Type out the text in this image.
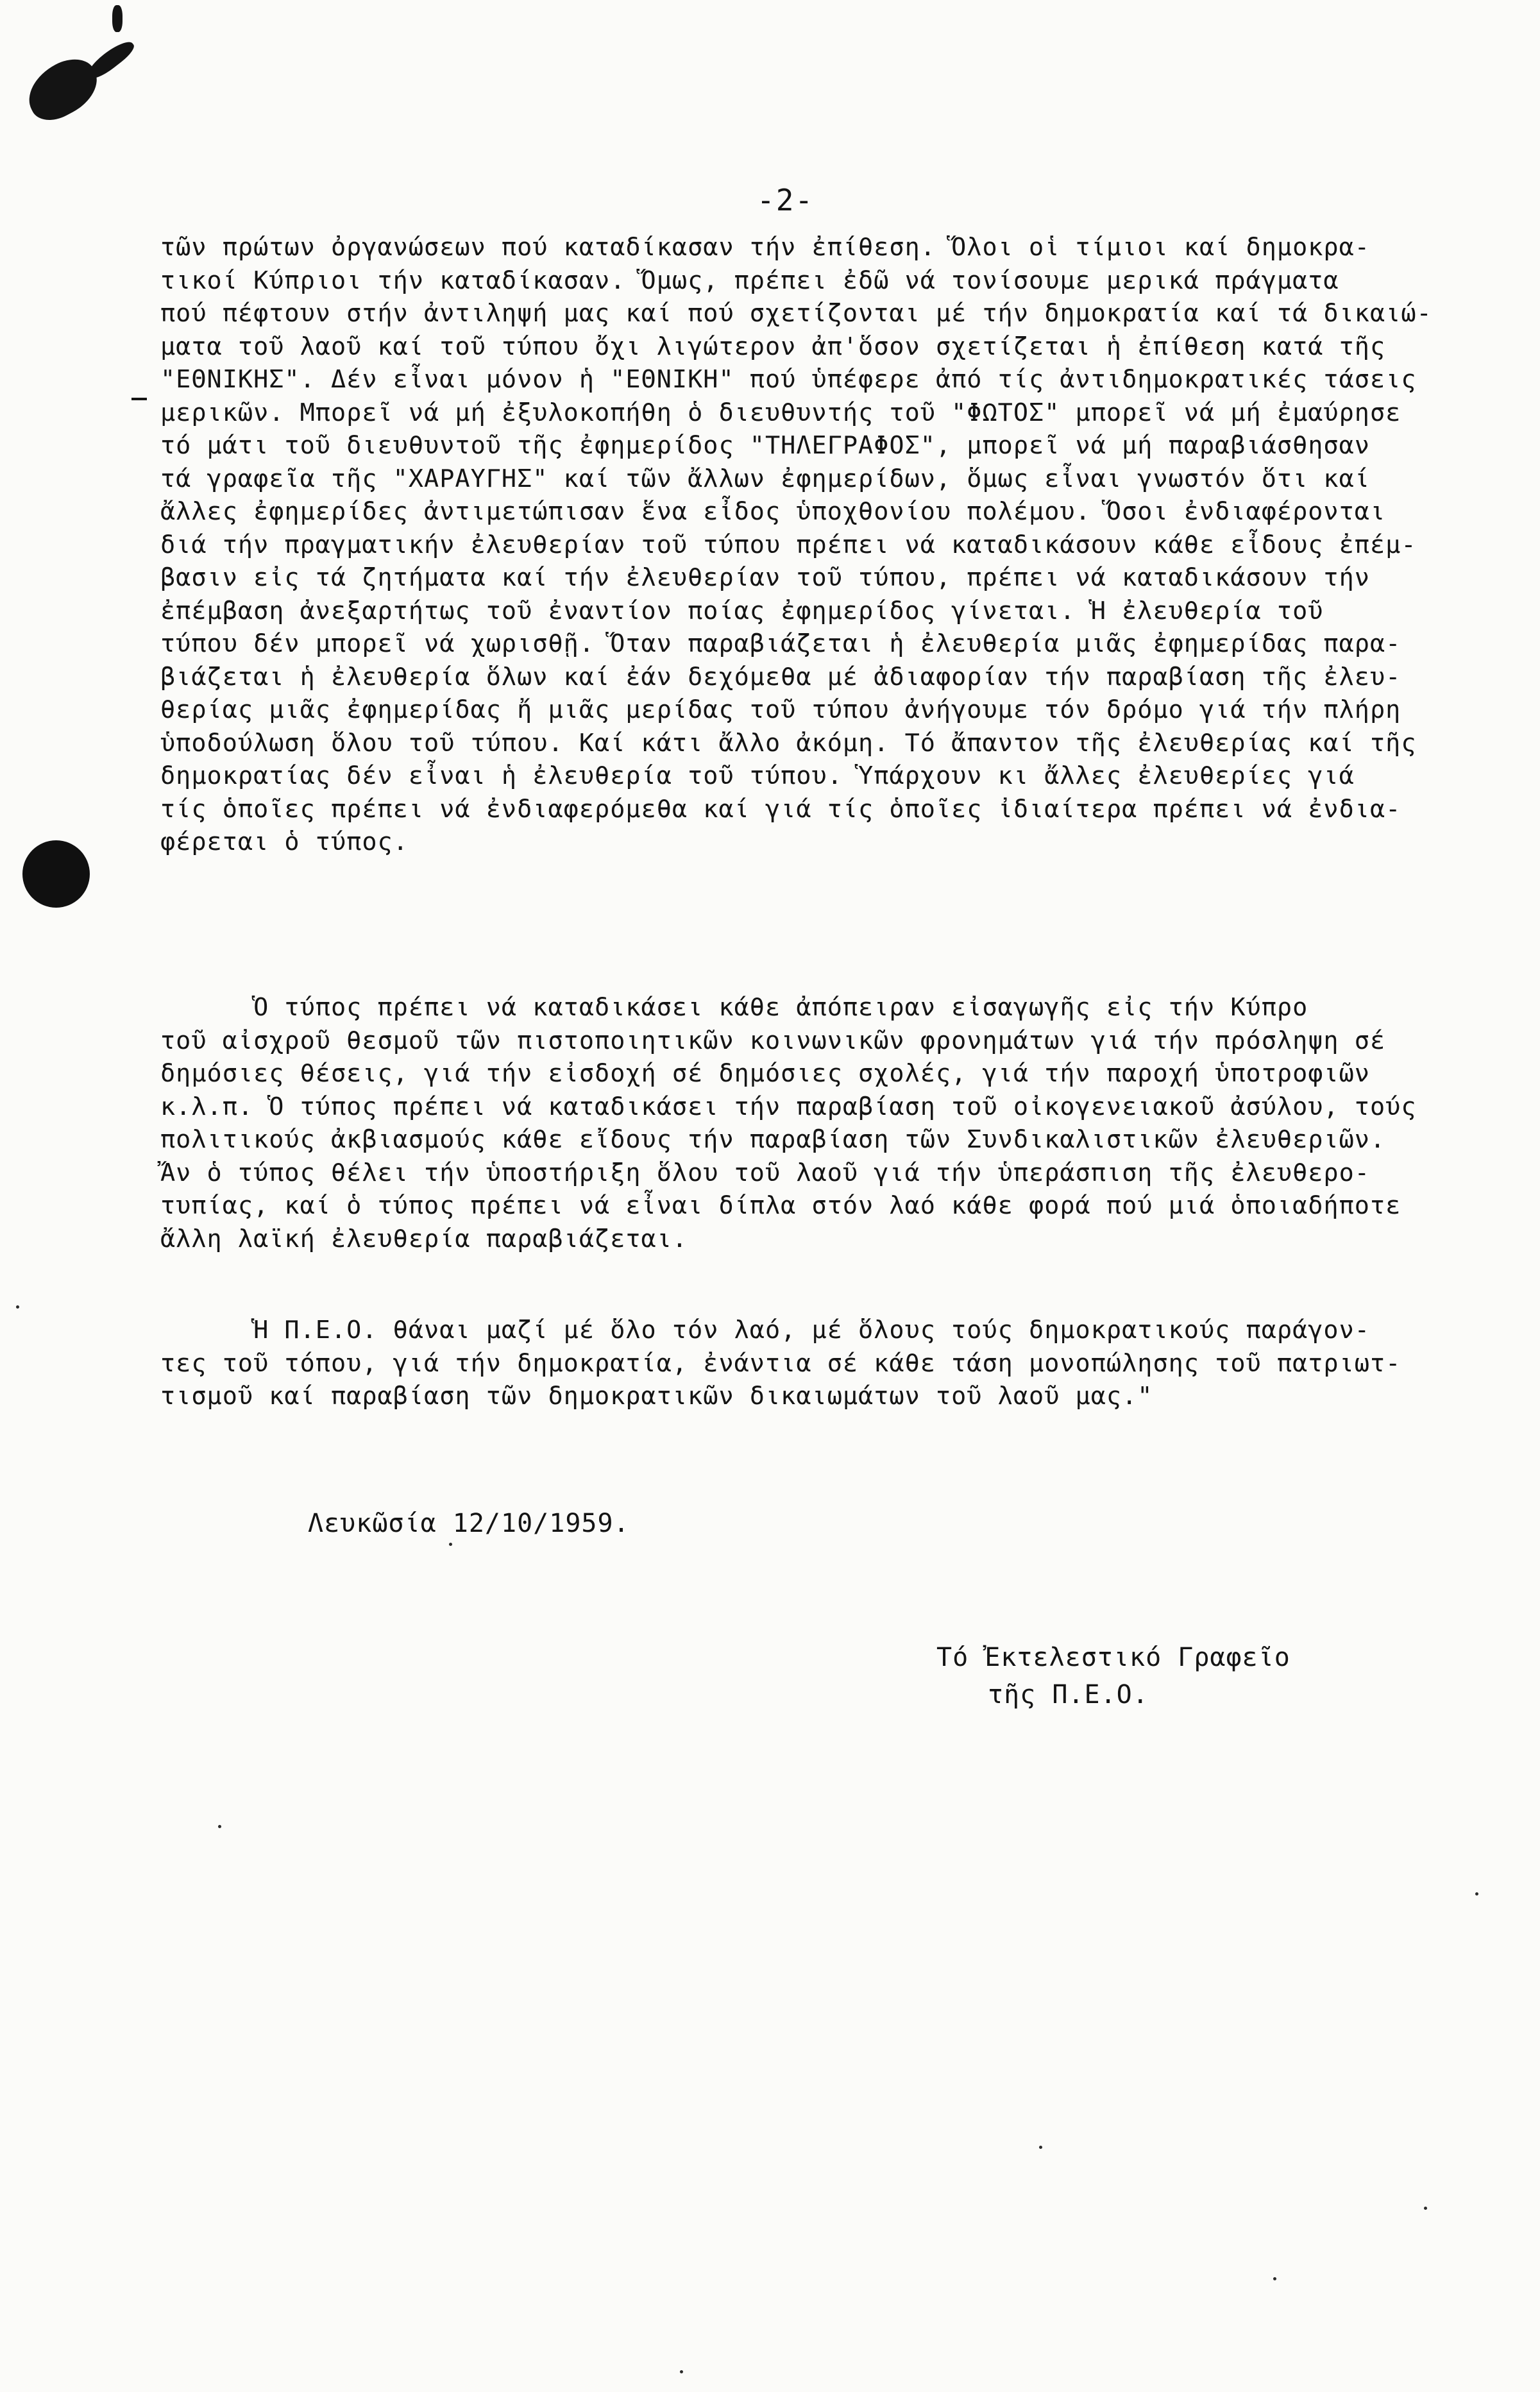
-2-
τῶν πρώτων ὀργανώσεων πού καταδίκασαν τήν ἐπίθεση. Ὅλοι οἱ τίμιοι καί δημοκρα-
τικοί Κύπριοι τήν καταδίκασαν. Ὅμως, πρέπει ἐδῶ νά τονίσουμε μερικά πράγματα
πού πέφτουν στήν ἀντιληψή μας καί πού σχετίζονται μέ τήν δημοκρατία καί τά δικαιώ-
ματα τοῦ λαοῦ καί τοῦ τύπου ὄχι λιγώτερον ἀπ'ὅσον σχετίζεται ἡ ἐπίθεση κατά τῆς
"ΕΘΝΙΚΗΣ". Δέν εἶναι μόνον ἡ "ΕΘΝΙΚΗ" πού ὑπέφερε ἀπό τίς ἀντιδημοκρατικές τάσεις
μερικῶν. Μπορεῖ νά μή ἐξυλοκοπήθη ὁ διευθυντής τοῦ "ΦΩΤΟΣ" μπορεῖ νά μή ἐμαύρησε
τό μάτι τοῦ διευθυντοῦ τῆς ἐφημερίδος "ΤΗΛΕΓΡΑΦΟΣ", μπορεῖ νά μή παραβιάσθησαν
τά γραφεῖα τῆς "ΧΑΡΑΥΓΗΣ" καί τῶν ἄλλων ἐφημερίδων, ὅμως εἶναι γνωστόν ὅτι καί
ἄλλες ἐφημερίδες ἀντιμετώπισαν ἕνα εἶδος ὑποχθονίου πολέμου. Ὅσοι ἐνδιαφέρονται
διά τήν πραγματικήν ἐλευθερίαν τοῦ τύπου πρέπει νά καταδικάσουν κάθε εἶδους ἐπέμ-
βασιν εἰς τά ζητήματα καί τήν ἐλευθερίαν τοῦ τύπου, πρέπει νά καταδικάσουν τήν
ἐπέμβαση ἀνεξαρτήτως τοῦ ἐναντίον ποίας ἐφημερίδος γίνεται. Ἡ ἐλευθερία τοῦ
τύπου δέν μπορεῖ νά χωρισθῇ. Ὅταν παραβιάζεται ἡ ἐλευθερία μιᾶς ἐφημερίδας παρα-
βιάζεται ἡ ἐλευθερία ὅλων καί ἐάν δεχόμεθα μέ ἀδιαφορίαν τήν παραβίαση τῆς ἐλευ-
θερίας μιᾶς ἐφημερίδας ἤ μιᾶς μερίδας τοῦ τύπου ἀνήγουμε τόν δρόμο γιά τήν πλήρη
ὑποδούλωση ὅλου τοῦ τύπου. Καί κάτι ἄλλο ἀκόμη. Τό ἄπαντον τῆς ἐλευθερίας καί τῆς
δημοκρατίας δέν εἶναι ἡ ἐλευθερία τοῦ τύπου. Ὑπάρχουν κι ἄλλες ἐλευθερίες γιά
τίς ὁποῖες πρέπει νά ἐνδιαφερόμεθα καί γιά τίς ὁποῖες ἰδιαίτερα πρέπει νά ἐνδια-
φέρεται ὁ τύπος.
Ὁ τύπος πρέπει νά καταδικάσει κάθε ἀπόπειραν εἰσαγωγῆς εἰς τήν Κύπρο
τοῦ αἰσχροῦ θεσμοῦ τῶν πιστοποιητικῶν κοινωνικῶν φρονημάτων γιά τήν πρόσληψη σέ
δημόσιες θέσεις, γιά τήν εἰσδοχή σέ δημόσιες σχολές, γιά τήν παροχή ὑποτροφιῶν
κ.λ.π. Ὁ τύπος πρέπει νά καταδικάσει τήν παραβίαση τοῦ οἰκογενειακοῦ ἀσύλου, τούς
πολιτικούς ἀκβιασμούς κάθε εἴδους τήν παραβίαση τῶν Συνδικαλιστικῶν ἐλευθεριῶν.
Ἄν ὁ τύπος θέλει τήν ὑποστήριξη ὅλου τοῦ λαοῦ γιά τήν ὑπεράσπιση τῆς ἐλευθερο-
τυπίας, καί ὁ τύπος πρέπει νά εἶναι δίπλα στόν λαό κάθε φορά πού μιά ὁποιαδήποτε
ἄλλη λαϊκή ἐλευθερία παραβιάζεται.
Ἡ Π.Ε.Ο. θάναι μαζί μέ ὅλο τόν λαό, μέ ὅλους τούς δημοκρατικούς παράγον-
τες τοῦ τόπου, γιά τήν δημοκρατία, ἐνάντια σέ κάθε τάση μονοπώλησης τοῦ πατριωτ-
τισμοῦ καί παραβίαση τῶν δημοκρατικῶν δικαιωμάτων τοῦ λαοῦ μας."
Λευκῶσία 12/10/1959.
Τό Ἐκτελεστικό Γραφεῖο
τῆς Π.Ε.Ο.
